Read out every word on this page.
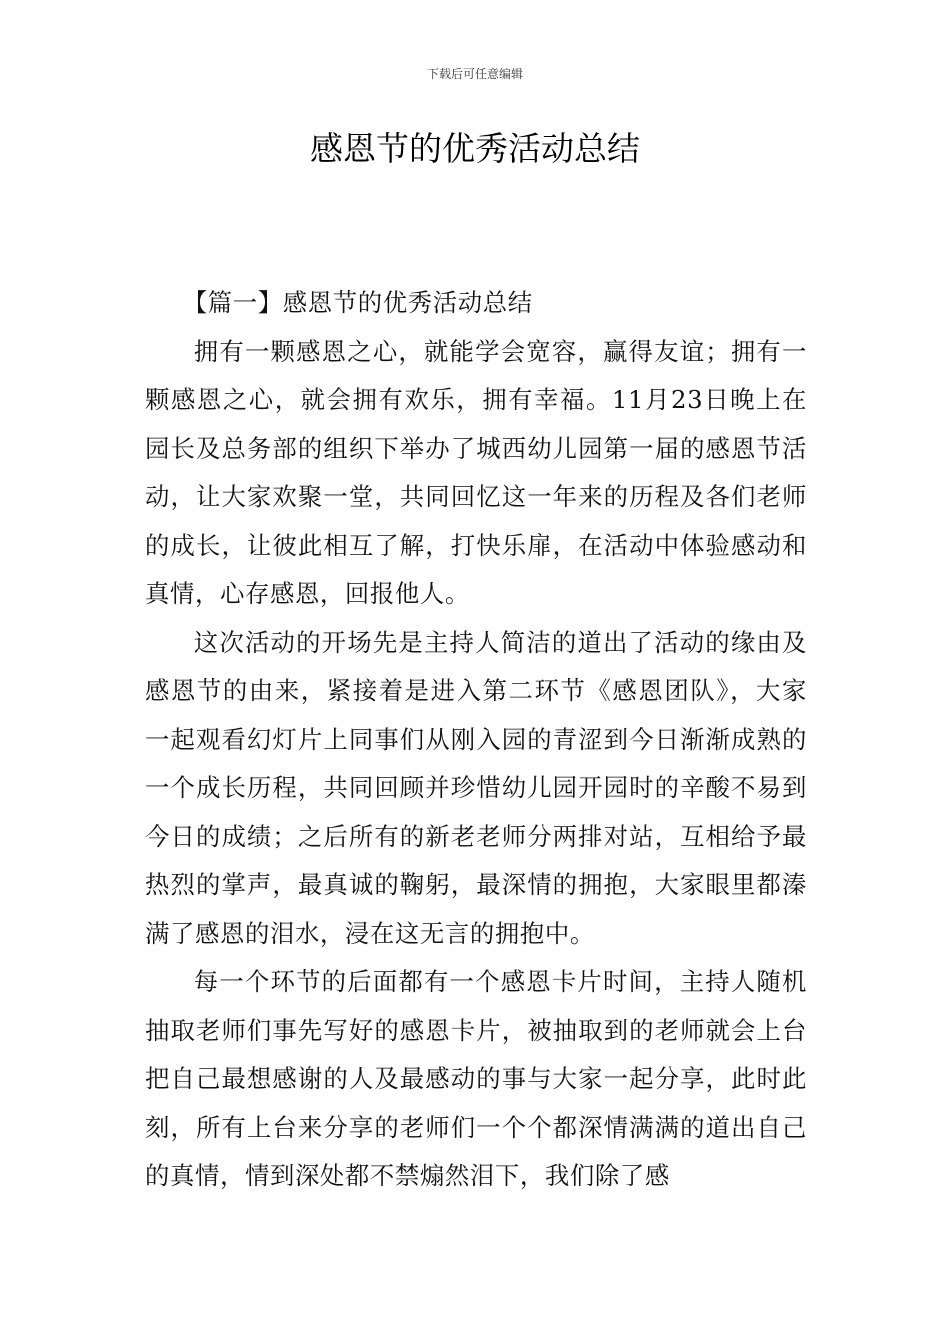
下载后可任意编辑
感恩节的优秀活动总结

【篇一】感恩节的优秀活动总结

拥有一颗感恩之心，就能学会宽容，赢得友谊；拥有一颗感恩之心，就会拥有欢乐，拥有幸福。11月23日晚上在园长及总务部的组织下举办了城西幼儿园第一届的感恩节活动，让大家欢聚一堂，共同回忆这一年来的历程及各们老师的成长，让彼此相互了解，打快乐扉，在活动中体验感动和真情，心存感恩，回报他人。

这次活动的开场先是主持人简洁的道出了活动的缘由及感恩节的由来，紧接着是进入第二环节《感恩团队》，大家一起观看幻灯片上同事们从刚入园的青涩到今日渐渐成熟的一个成长历程，共同回顾并珍惜幼儿园开园时的辛酸不易到今日的成绩；之后所有的新老老师分两排对站，互相给予最热烈的掌声，最真诚的鞠躬，最深情的拥抱，大家眼里都溱满了感恩的泪水，浸在这无言的拥抱中。

每一个环节的后面都有一个感恩卡片时间，主持人随机抽取老师们事先写好的感恩卡片，被抽取到的老师就会上台把自己最想感谢的人及最感动的事与大家一起分享，此时此刻，所有上台来分享的老师们一个个都深情满满的道出自己的真情，情到深处都不禁煽然泪下，我们除了感
